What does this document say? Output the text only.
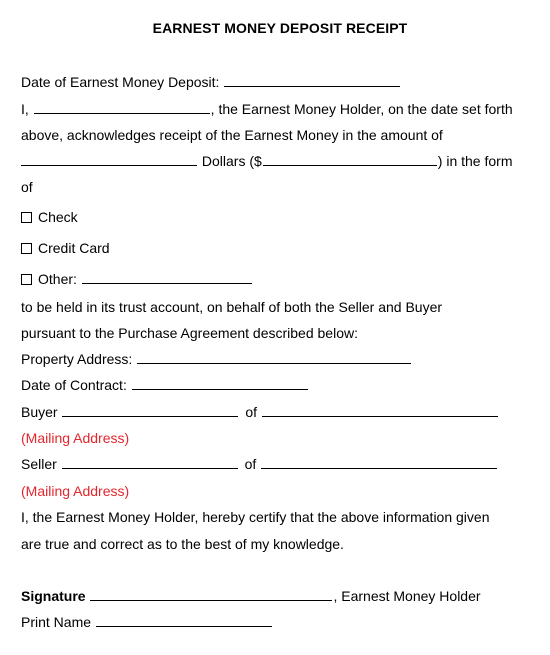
EARNEST MONEY DEPOSIT RECEIPT
Date of Earnest Money Deposit:
I,	, the Earnest Money Holder, on the date set forth
above, acknowledges receipt of the Earnest Money in the amount of
Dollars ($	) in the form
of
Check
Credit Card
Other:
to be held in its trust account, on behalf of both the Seller and Buyer
pursuant to the Purchase Agreement described below:
Property Address:
Date of Contract:
Buyer	of
(Mailing Address)
Seller	of
(Mailing Address)
I, the Earnest Money Holder, hereby certify that the above information given
are true and correct as to the best of my knowledge.
Signature	, Earnest Money Holder
Print Name
